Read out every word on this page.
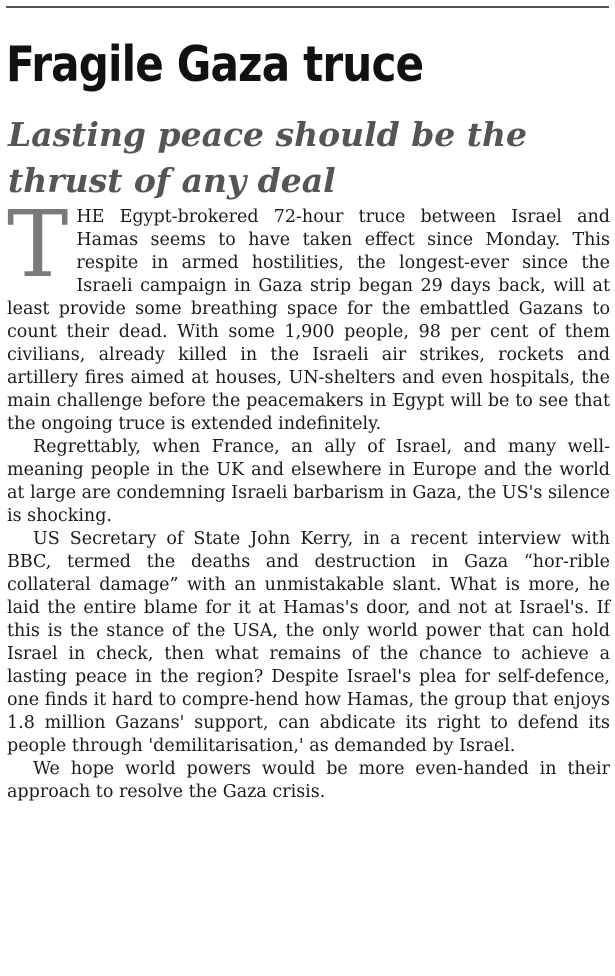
Fragile Gaza truce
Lasting peace should be the thrust of any deal

THE Egypt-brokered 72-hour truce between Israel and Hamas seems to have taken effect since Monday. This respite in armed hostilities, the longest-ever since the Israeli campaign in Gaza strip began 29 days back, will at least provide some breathing space for the embattled Gazans to count their dead. With some 1,900 people, 98 per cent of them civilians, already killed in the Israeli air strikes, rockets and artillery fires aimed at houses, UN-shelters and even hospitals, the main challenge before the peacemakers in Egypt will be to see that the ongoing truce is extended indefinitely.

Regrettably, when France, an ally of Israel, and many well-meaning people in the UK and elsewhere in Europe and the world at large are condemning Israeli barbarism in Gaza, the US's silence is shocking.

US Secretary of State John Kerry, in a recent interview with BBC, termed the deaths and destruction in Gaza “hor-rible collateral damage” with an unmistakable slant. What is more, he laid the entire blame for it at Hamas's door, and not at Israel's. If this is the stance of the USA, the only world power that can hold Israel in check, then what remains of the chance to achieve a lasting peace in the region? Despite Israel's plea for self-defence, one finds it hard to compre-hend how Hamas, the group that enjoys 1.8 million Gazans' support, can abdicate its right to defend its people through 'demilitarisation,' as demanded by Israel.

We hope world powers would be more even-handed in their approach to resolve the Gaza crisis.
